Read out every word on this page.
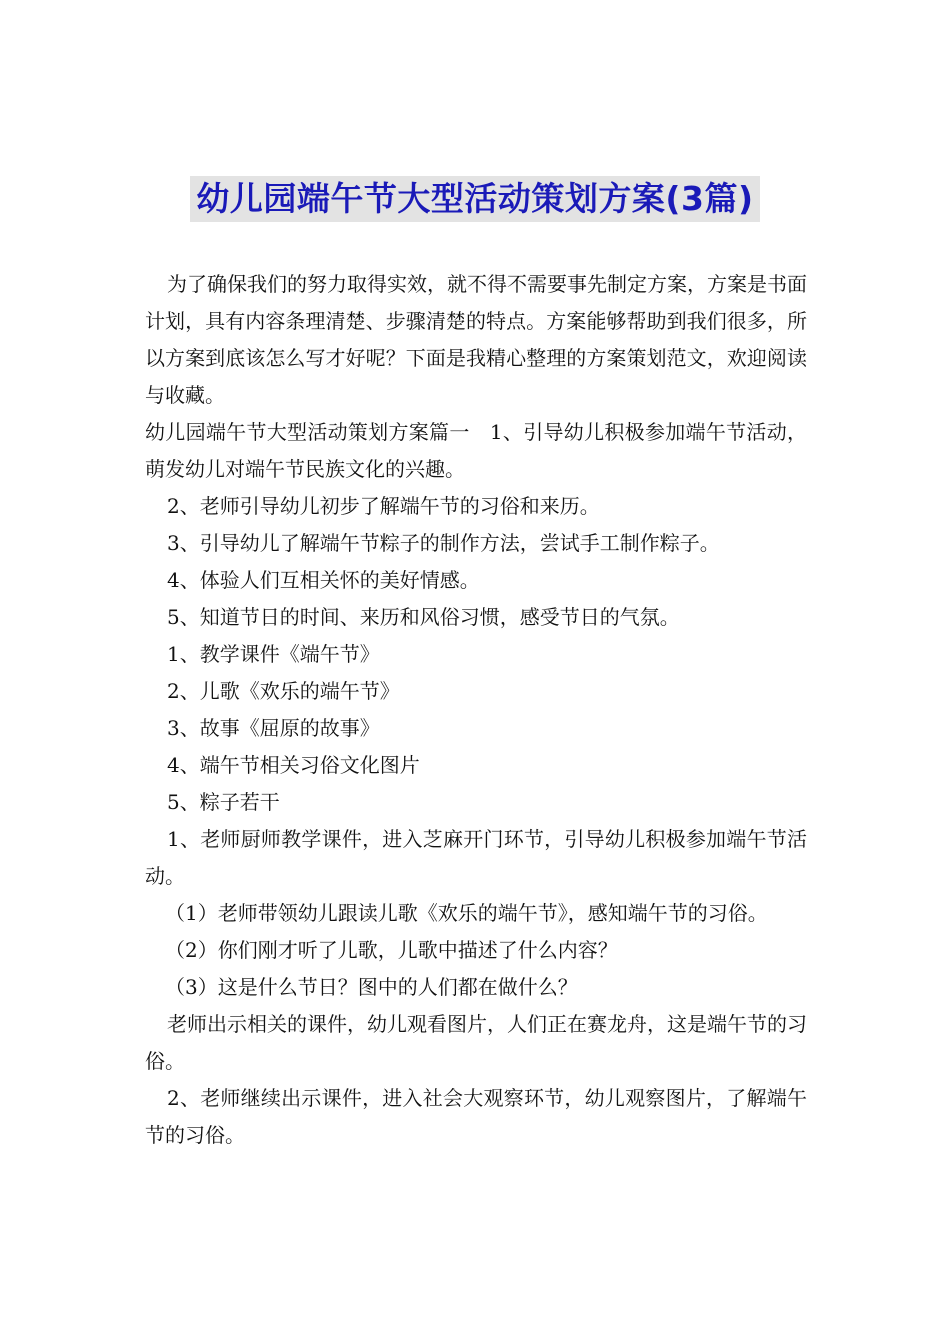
幼儿园端午节大型活动策划方案(3篇)

为了确保我们的努力取得实效，就不得不需要事先制定方案，方案是书面计划，具有内容条理清楚、步骤清楚的特点。方案能够帮助到我们很多，所以方案到底该怎么写才好呢？下面是我精心整理的方案策划范文，欢迎阅读与收藏。

幼儿园端午节大型活动策划方案篇一　1、引导幼儿积极参加端午节活动，萌发幼儿对端午节民族文化的兴趣。

2、老师引导幼儿初步了解端午节的习俗和来历。

3、引导幼儿了解端午节粽子的制作方法，尝试手工制作粽子。

4、体验人们互相关怀的美好情感。

5、知道节日的时间、来历和风俗习惯，感受节日的气氛。

1、教学课件《端午节》

2、儿歌《欢乐的端午节》

3、故事《屈原的故事》

4、端午节相关习俗文化图片

5、粽子若干

1、老师厨师教学课件，进入芝麻开门环节，引导幼儿积极参加端午节活动。

（1）老师带领幼儿跟读儿歌《欢乐的端午节》，感知端午节的习俗。

（2）你们刚才听了儿歌，儿歌中描述了什么内容？

（3）这是什么节日？图中的人们都在做什么？

老师出示相关的课件，幼儿观看图片，人们正在赛龙舟，这是端午节的习俗。

2、老师继续出示课件，进入社会大观察环节，幼儿观察图片，了解端午节的习俗。
